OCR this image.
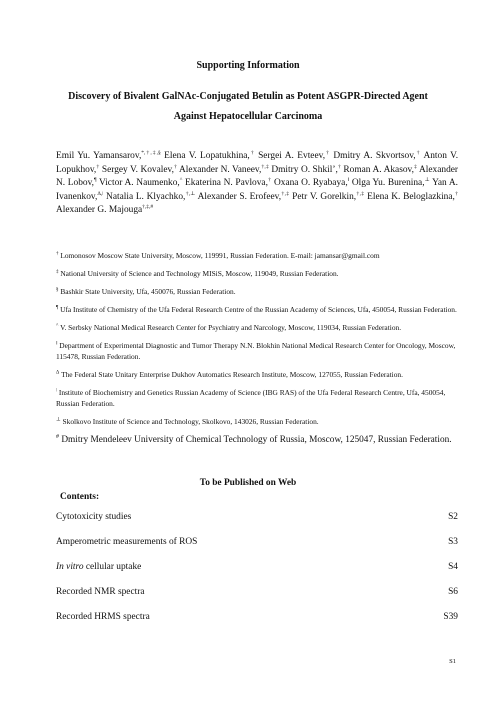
Supporting Information
Discovery of Bivalent GalNAc-Conjugated Betulin as Potent ASGPR-Directed Agent
Against Hepatocellular Carcinoma
Emil Yu. Yamansarov,*,†,‡,§ Elena V. Lopatukhina,† Sergei A. Evteev,† Dmitry A. Skvortsov,† Anton V. Lopukhov,† Sergey V. Kovalev,† Alexander N. Vaneev,†,‡ Dmitry O. Shkil’,† Roman A. Akasov,‡ Alexander N. Lobov,¶ Victor A. Naumenko,^ Ekaterina N. Pavlova,† Oxana O. Ryabaya,‖ Olga Yu. Burenina,⊥ Yan A. Ivanenkov,$^{\Delta,ǀ}$ Natalia L. Klyachko,†,⊥ Alexander S. Erofeev,†,‡ Petr V. Gorelkin,†,‡ Elena K. Beloglazkina,† Alexander G. Majouga†,‡,#

† Lomonosov Moscow State University, Moscow, 119991, Russian Federation. E-mail: jamansar@gmail.com

‡ National University of Science and Technology MISiS, Moscow, 119049, Russian Federation.

§ Bashkir State University, Ufa, 450076, Russian Federation.

¶ Ufa Institute of Chemistry of the Ufa Federal Research Centre of the Russian Academy of Sciences, Ufa, 450054, Russian Federation.

^ V. Serbsky National Medical Research Center for Psychiatry and Narcology, Moscow, 119034, Russian Federation.

‖ Department of Experimental Diagnostic and Tumor Therapy N.N. Blokhin National Medical Research Center for Oncology, Moscow, 115478, Russian Federation.

$^\Delta$ The Federal State Unitary Enterprise Dukhov Automatics Research Institute, Moscow, 127055, Russian Federation.

$^ǀ$ Institute of Biochemistry and Genetics Russian Academy of Science (IBG RAS) of the Ufa Federal Research Centre, Ufa, 450054, Russian Federation.

⊥ Skolkovo Institute of Science and Technology, Skolkovo, 143026, Russian Federation.

# Dmitry Mendeleev University of Chemical Technology of Russia, Moscow, 125047, Russian Federation.

To be Published on Web
Contents:
Cytotoxicity studies	S2
Amperometric measurements of ROS	S3
In vitro cellular uptake	S4
Recorded NMR spectra	S6
Recorded HRMS spectra	S39
S1
